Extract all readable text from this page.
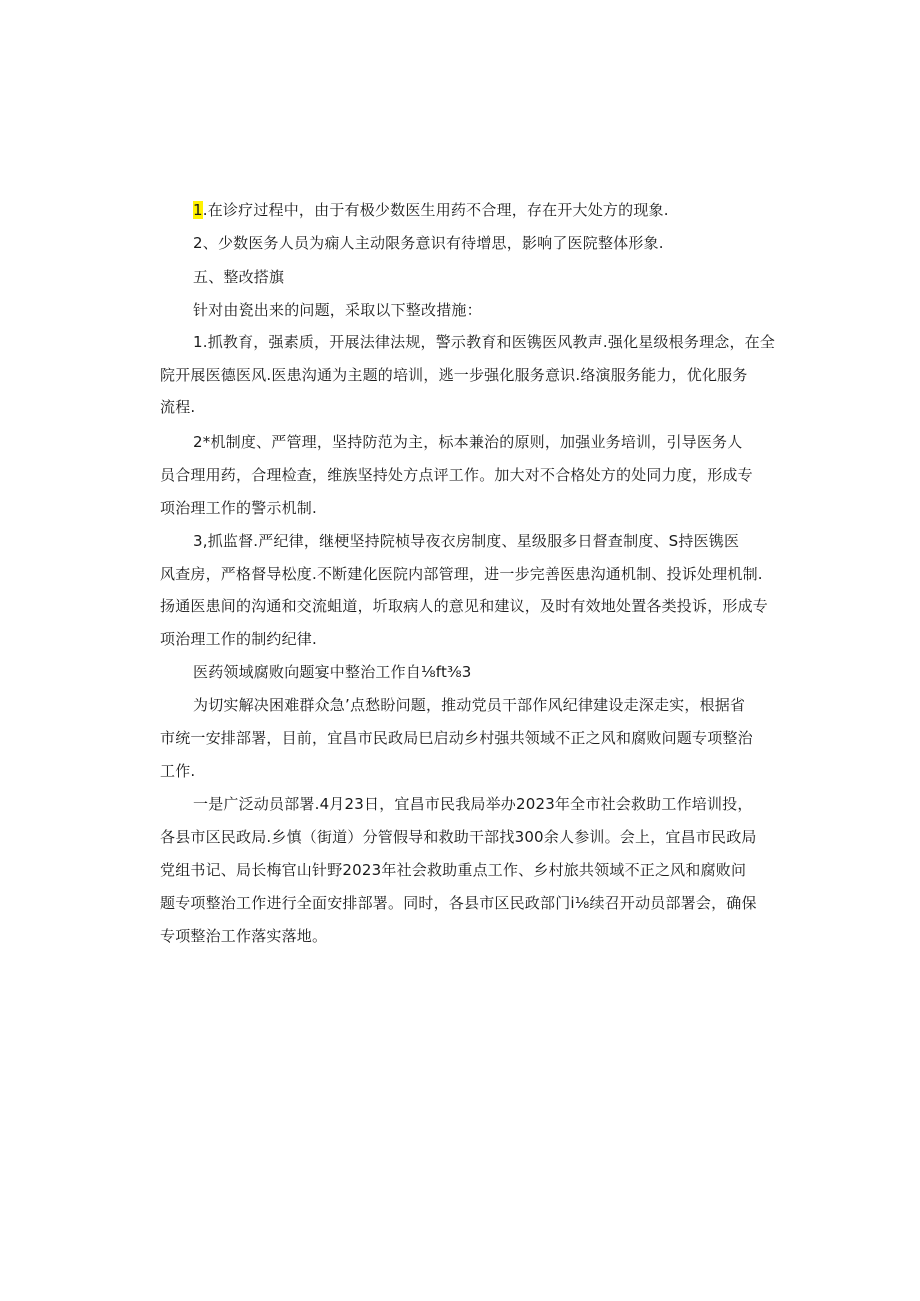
1.在诊疗过程中，由于有极少数医生用药不合理，存在开大处方的现象.
2、少数医务人员为痫人主动限务意识有待增思，影响了医院整体形象.
五、整改搭旗
针对由瓷出来的问题，采取以下整改措施：
1.抓教育，强素质，开展法律法规，警示教育和医镌医风教声.强化星级根务理念，在全
院开展医德医风.医患沟通为主题的培训，逃一步强化服务意识.络演服务能力，优化服务
流程.
2*机制度、严管理，坚持防范为主，标本兼治的原则，加强业务培训，引导医务人
员合理用药，合理检查，维族坚持处方点评工作。加大对不合格处方的处同力度，形成专
项治理工作的警示机制.
3,抓监督.严纪律，继梗坚持院桢导夜衣房制度、星级服多日督查制度、S持医镌医
风查房，严格督导松度.不断建化医院内部管理，进一步完善医患沟通机制、投诉处理机制.
扬通医患间的沟通和交流蛆道，圻取病人的意见和建议，及时有效地处置各类投诉，形成专
项治理工作的制约纪律.
医药领域腐败向题宴中整治工作自⅛ft⅜3
为切实解决困难群众急’点愁盼问题，推动党员干部作风纪律建设走深走实，根据省
市统一安排部署，目前，宜昌市民政局巳启动乡村强共领域不正之风和腐败问题专项整治
工作.
一是广泛动员部署.4月23日，宜昌市民我局举办2023年全市社会救助工作培训投，
各县市区民政局.乡慎（街道）分管假导和救助干部找300余人参训。会上，宜昌市民政局
党组书记、局长梅官山针野2023年社会救助重点工作、乡村旅共领域不正之风和腐败问
题专项整治工作进行全面安排部署。同时，各县市区民政部门i⅛续召开动员部署会，确保
专项整治工作落实落地。
